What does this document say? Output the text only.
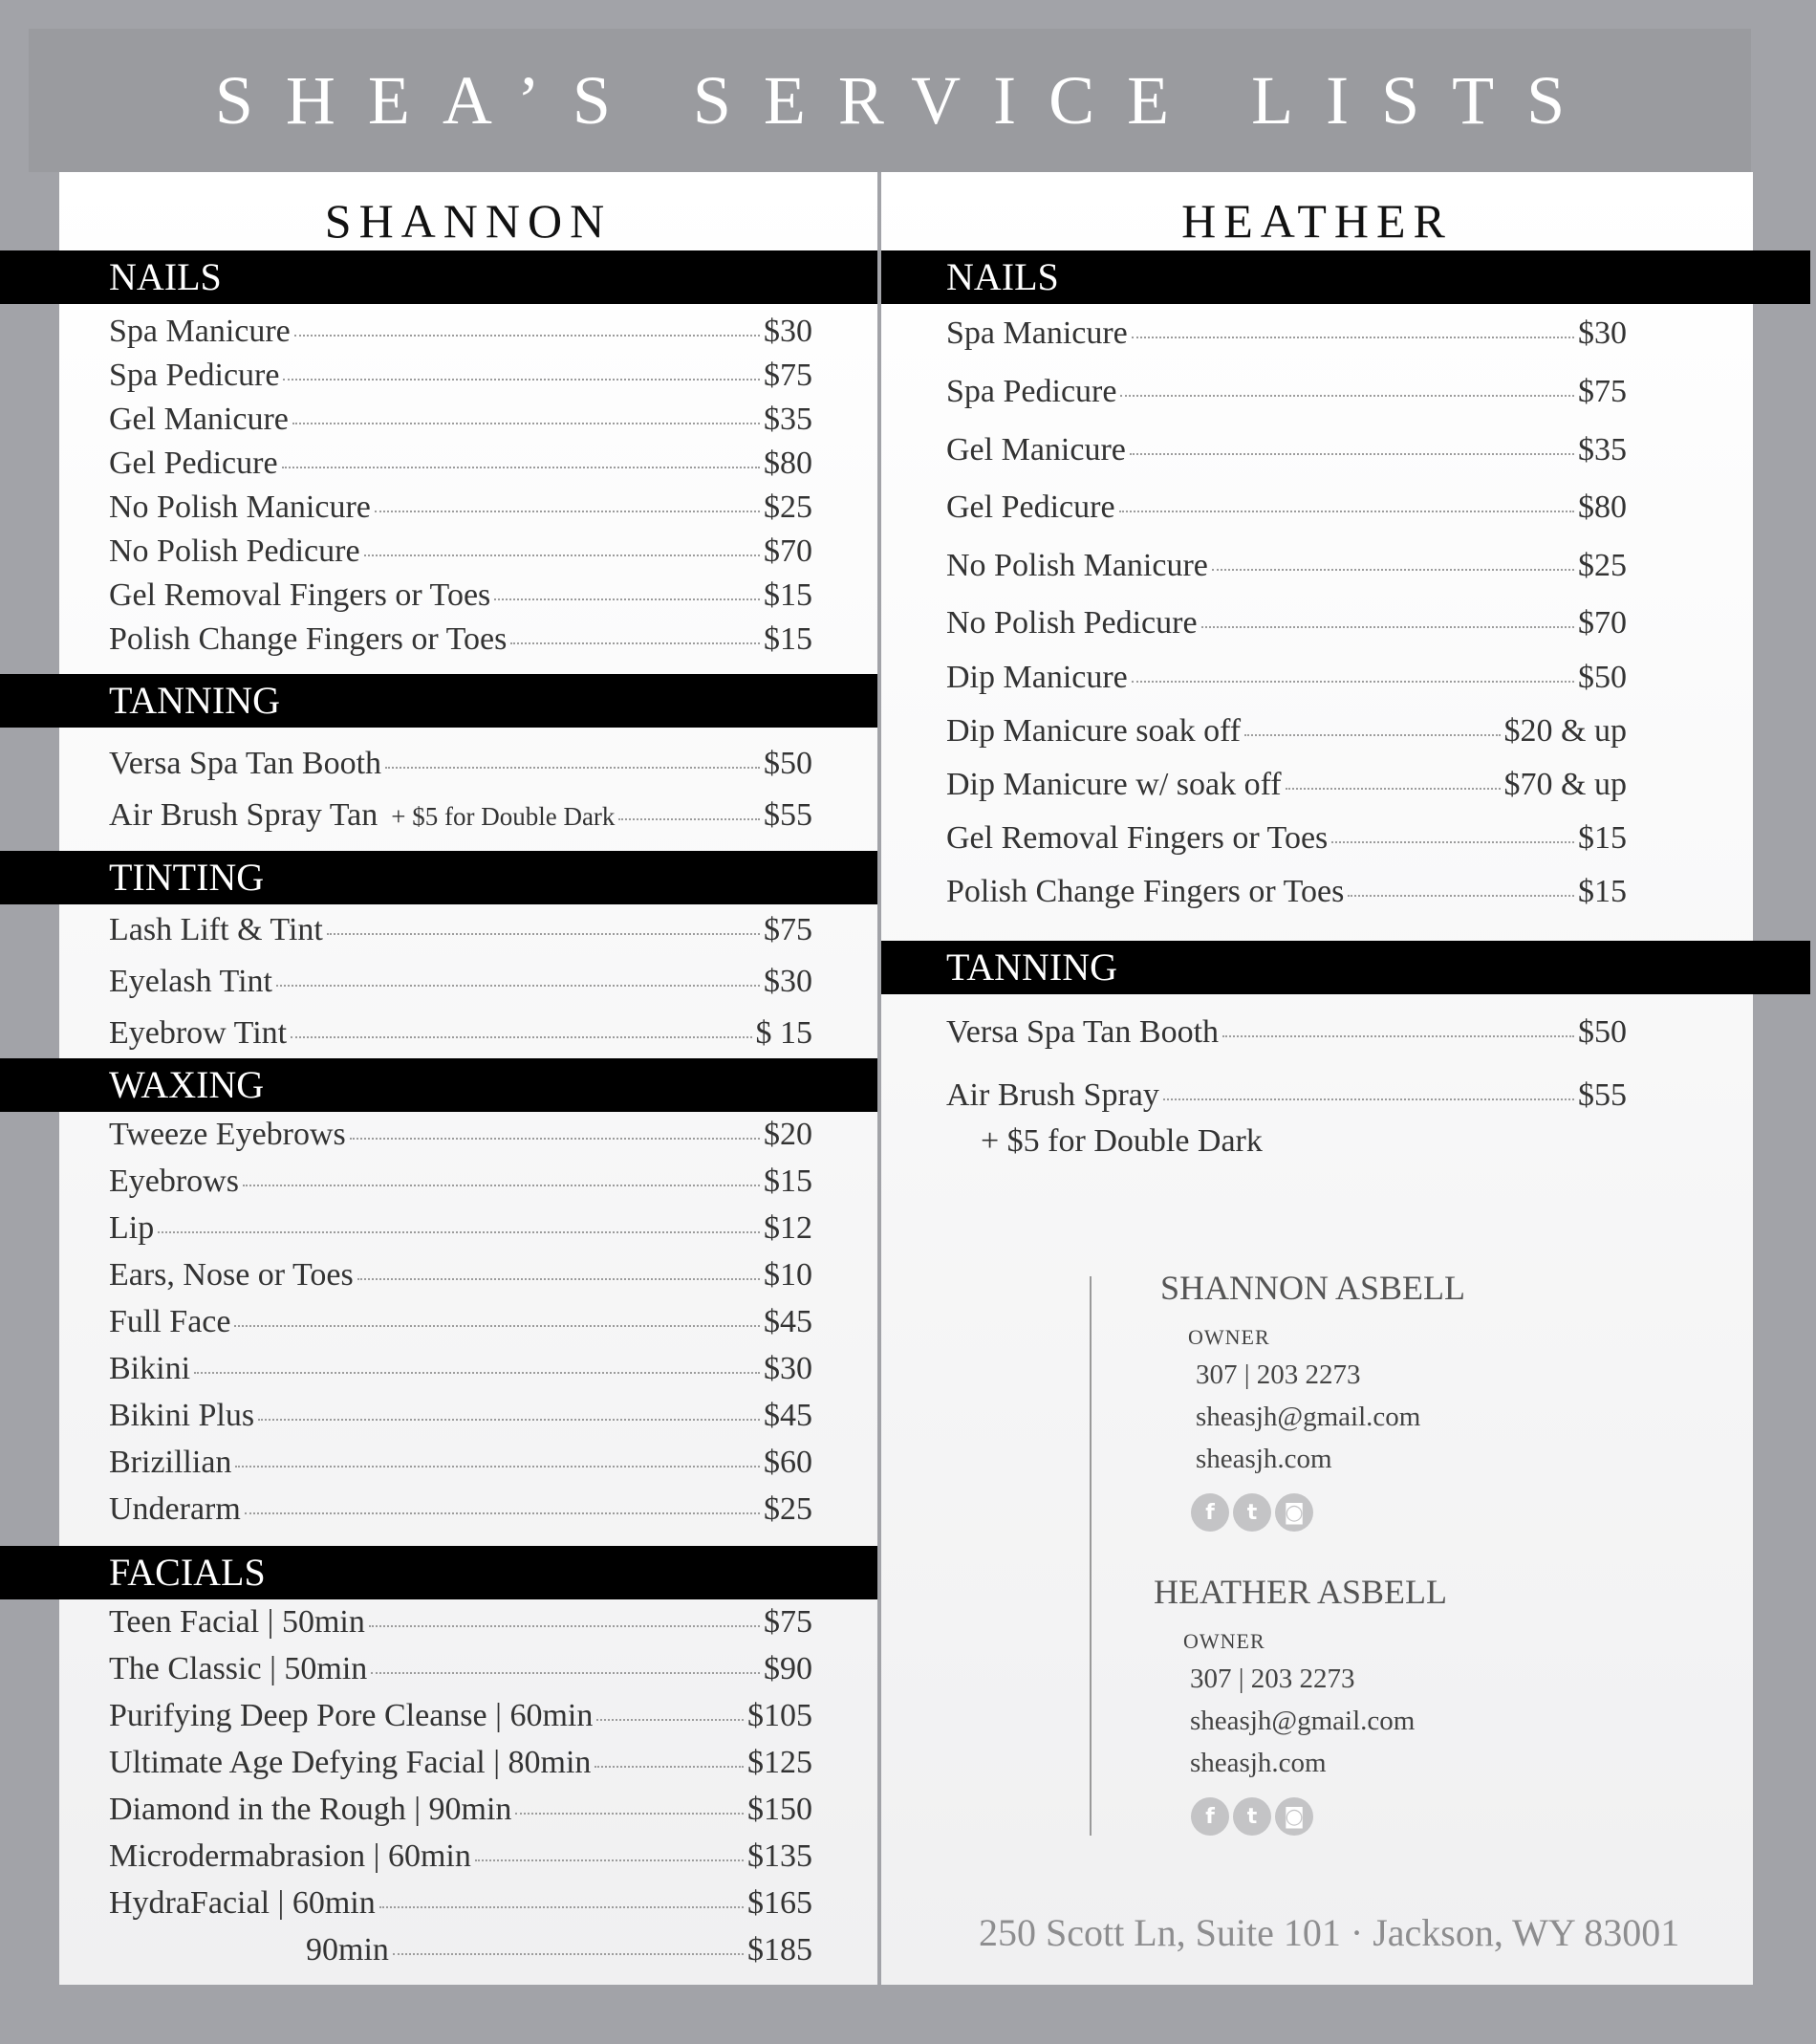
SHEA’S SERVICE LISTS
SHANNON	HEATHER
NAILS
Spa Manicure	$30
Spa Pedicure	$75
Gel Manicure	$35
Gel Pedicure	$80
No Polish Manicure	$25
No Polish Pedicure	$70
Gel Removal Fingers or Toes	$15
Polish Change Fingers or Toes	$15
TANNING
Versa Spa Tan Booth	$50
Air Brush Spray Tan + $5 for Double Dark	$55
TINTING
Lash Lift & Tint	$75
Eyelash Tint	$30
Eyebrow Tint	$ 15
WAXING
Tweeze Eyebrows	$20
Eyebrows	$15
Lip	$12
Ears, Nose or Toes	$10
Full Face	$45
Bikini	$30
Bikini Plus	$45
Brizillian	$60
Underarm	$25
FACIALS
Teen Facial | 50min	$75
The Classic | 50min	$90
Purifying Deep Pore Cleanse | 60min	$105
Ultimate Age Defying Facial | 80min	$125
Diamond in the Rough | 90min	$150
Microdermabrasion | 60min	$135
HydraFacial | 60min	$165
90min	$185
NAILS
Spa Manicure	$30
Spa Pedicure	$75
Gel Manicure	$35
Gel Pedicure	$80
No Polish Manicure	$25
No Polish Pedicure	$70
Dip Manicure	$50
Dip Manicure soak off	$20 & up
Dip Manicure w/ soak off	$70 & up
Gel Removal Fingers or Toes	$15
Polish Change Fingers or Toes	$15
TANNING
Versa Spa Tan Booth	$50
Air Brush Spray	$55
+ $5 for Double Dark
SHANNON ASBELL
OWNER
307 | 203 2273
sheasjh@gmail.com
sheasjh.com
f	t	◙
HEATHER ASBELL
OWNER
307 | 203 2273
sheasjh@gmail.com
sheasjh.com
f	t	◙
250 Scott Ln, Suite 101 · Jackson, WY 83001
